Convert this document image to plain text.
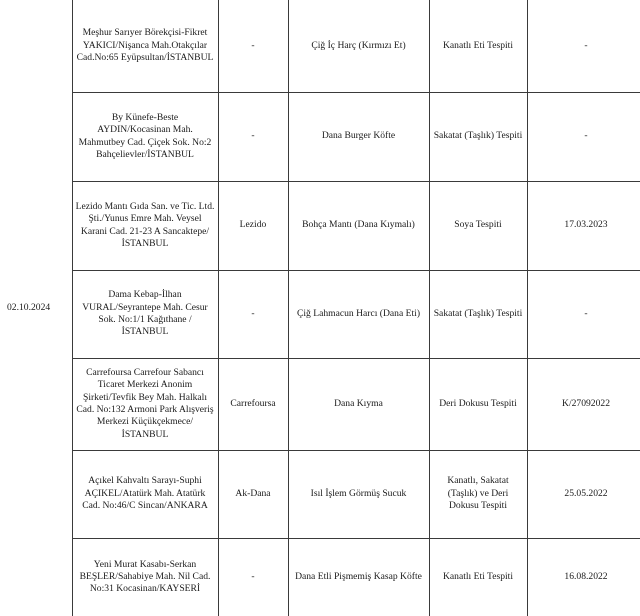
02.10.2024	Meşhur Sarıyer Börekçisi-Fikret YAKICI/Nişanca Mah.Otakçılar Cad.No:65 Eyüpsultan/İSTANBUL	-	Çiğ İç Harç (Kırmızı Et)	Kanatlı Eti Tespiti	-
	By Künefe-Beste AYDIN/Kocasinan Mah. Mahmutbey Cad. Çiçek Sok. No:2 Bahçelievler/İSTANBUL	-	Dana Burger Köfte	Sakatat (Taşlık) Tespiti	-
	Lezido Mantı Gıda San. ve Tic. Ltd. Şti./Yunus Emre Mah. Veysel Karani Cad. 21-23 A Sancaktepe/İSTANBUL	Lezido	Bohça Mantı (Dana Kıymalı)	Soya Tespiti	17.03.2023
	Dama Kebap-İlhan VURAL/Seyrantepe Mah. Cesur Sok. No:1/1 Kağıthane /İSTANBUL	-	Çiğ Lahmacun Harcı (Dana Eti)	Sakatat (Taşlık) Tespiti	-
	Carrefoursa Carrefour Sabancı Ticaret Merkezi Anonim Şirketi/Tevfik Bey Mah. Halkalı Cad. No:132 Armoni Park Alışveriş Merkezi Küçükçekmece/İSTANBUL	Carrefoursa	Dana Kıyma	Deri Dokusu Tespiti	K/27092022
	Açıkel Kahvaltı Sarayı-Suphi AÇIKEL/Atatürk Mah. Atatürk Cad. No:46/C Sincan/ANKARA	Ak-Dana	Isıl İşlem Görmüş Sucuk	Kanatlı, Sakatat (Taşlık) ve Deri Dokusu Tespiti	25.05.2022
	Yeni Murat Kasabı-Serkan BEŞLER/Sahabiye Mah. Nil Cad. No:31 Kocasinan/KAYSERİ	-	Dana Etli Pişmemiş Kasap Köfte	Kanatlı Eti Tespiti	16.08.2022
